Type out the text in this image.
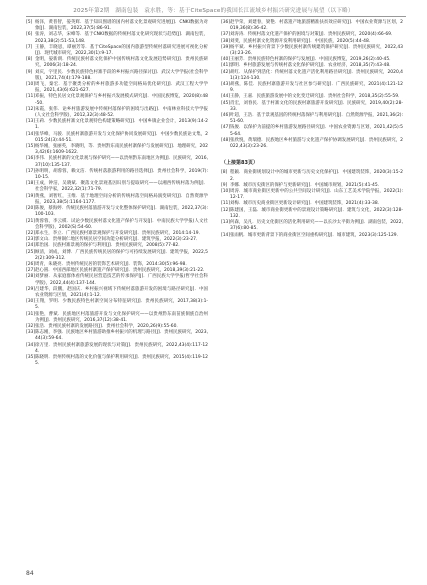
2025年第2期　湖南包装　袁水胜，等：基于CiteSpace的我国长江流域乡村振兴研究进展与展望（以下略）
[5] 杨泽，黄普智，晏英辉．基于知识图谱的国内村落文化景观研究进展[J]．CNKI数据为对象[J]．湖南包装，2022,37(5):86-91．
[6] 张涛，刘志华，宋峰等．基于CNKI数据的传统村落文化研究现状与趋势[J]．湖南包装，2023,38(2):51-53,148．
[7] 王静，丰晓思，谭丽芳等．基于CiteSpace的国内旅游型传统村落研究进展可视化分析[J]．现代城市研究，2022,30(1):9-17．
[8] 金明，晏新朗．传统民族村落文化保护中国传统村落文化发展趋势研究[J]．贵州民族研究，2006(3):18-24．
[9] 刘庆，字里民．少数民族特色村寨手段的乡村振兴路径探讨[J]．武汉大学学报(社会科学版)，2021,74(4):179-188．
[10] 周飞，秦宏．基于聚类分析的乡村旅游多功能空间格局优化研究[J]．武汉工程大学学报，2021,43(6):621-627．
[11] 邓振，特色民居文化景观保护与乡村振兴发展模式研究[J]．中国民族博览，2020(8):48-50．
[12] 朱霞，张伟．论乡村旅游发展中传统村落保护的困境与出路[J]．中南林业科技大学学报(人文社会科学版)，2012,32(3):48-52．
[13] 王莉．少数民族村寨文化景观特色构建策略研究[J]．中国乡镇企业会计，2013(9):14-21．
[14] 张华峰，马骏．民族村寨旅游开发与文化保护协同发展研究[J]．中国少数民族论文集，2015:24(3):44-51．
[15] 杨华刚，张丽英，李晓明，等．贵州黔东南民族村寨保护与发展研究[J]．地理研究，2023,42(6):1609-1622．
[16] 李伟．民族村寨的文化景观与保护研究——以贵州黔东南地区为例[J]．民族研究，2016,37(10):135-137．
[17] 孙明明，胡蓉蓉，赖文洁．传统村落旅游利用的路径选择[J]．贵州社会科学，2019(7):10-15．
[18] 王成，钟洁，吴晓斌．聚落文化景观基因识别与提取研究——以湘西传统村落为例[J]．社会科学家，2022,32(1):71-79．
[19] 黄燕，刘智红，王维．基于地理空间分析的传统村落空间格局演变研究[J]．自然资源学报，2023,38(5):1164-1177．
[20] 陈俊，蔡海婷．传统民族村落旅游开发与文化整体保护研究[J]．湖南包装，2022,37(3):100-103．
[21] 黄蓉蓉，李云棋．试论少数民族村落文化遗产保护与开发[J]．中南民族大学学报(人文社会科学版)，2002(S):54-60．
[22] 郑永生，李立．广西民族村寨景观保护与开发研究[J]．贵州民族研究，2014:14-19．
[23] 郭文山．贵州铜仁地区传统民居空间功能分析研究[J]．建筑学报，2022(3):23-27．
[24] 郑治国．民族村寨景观的保护与利用[J]．贵州民族研究，2008(5):77-82．
[25] 顾清，刘成，刘博．广西民族传统民居的保护与可持续发展研究[J]．建筑学报，2022,52(2):309-312．
[26] 周青，朱晓亮．贵州传统民居的装饰艺术研究[J]．装饰，2014:30(5):96-98．
[27] 赵心圆．中国西部地区民族村寨遗产保护研究[J]．贵州民族研究，2018,39(3):21-22．
[28] 刘梦丽．从家庭群体看传统民居营造技艺的传承保护[J]．广西民族大学学报(哲学社会科学版)，2022,44(4):137-144．
[29] 吕建华，段鹏，赵国庆．乡村振兴视域下传统村落旅游开发的困境与路径研究[J]．中国农业资源与区划，2021(4):1-12．
[30] 王翔，罗明．少数民族特色村寨空间分布特征研究[J]．贵州民族研究，2017,38(3):1-5．
[31] 张艳，曹斌．民族地区村落旅游开发与文化保护研究——以贵州黔东南苗族侗族自治州为例[J]．贵州民族研究，2016,37(12):38-41．
[32] 张浩．贵州民族村寨的发展路径[J]．贵州社会科学，2020,26(9):55-60．
[33] 陈志刚，李强．民族地区乡村旅游助推乡村振兴的机理与路径[J]．贵州民族研究，2023,44(3):59-64．
[34] 徐万里．贵州民族村寨旅游发展的现状与对策[J]．贵州民族研究，2022,43(4):117-124．
[35] 陈晓明．贵州传统村落的文化价值与保护利用研究[J]．贵州民族研究，2015(4):119-125．
[36] 赵学荣，刘建春，梁艳．村落遗产地旅游精准扶贫效应研究[J]．中国农业资源与区划，2019,36(8):36-42．
[37] 刘涛涛．传统村落文化遗产保护的困境与对策[J]．贵州民族研究，2020(4):66-69．
[38] 刘斐，民族村寨文化资源开发利用研究[J]．中国民族，2020(5):44-48．
[39] 杨平斌．乡村振兴背景下少数民族村寨传统建筑保护研究[J]．贵州民族研究，2022,43(3):23-26．
[40] 王丽芳．贵州民族特色村寨的保护与发展[J]．中国民族博览，2019,26(2):40-45．
[41] 郭明．乡村旅游发展与传统村落文化保护研究[J]．农业经济，2018,35(7):43-48．
[42] 胡红．从保护到活化：传统村落文化遗产活化利用路径研究[J]．贵州民族研究，2020,41(3):124-130．
[43] 胡燕，陈佳．民族村寨旅游开发与社区参与研究[J]．广西民族研究，2021(4):121-129．
[44] 王静，王嘉．民族旅游发展中的文化变迁研究[J]．贵州社会科学，2018,35(2):55-59．
[45] 肖宏，刘春民．基于村寨文化的民族村寨旅游开发研究[J]．民族研究，2019,40(2):28-33．
[46] 叶超，王浩．基于景观基因的传统村落保护与利用研究[J]．自然资源学报，2021,36(2):51-60．
[47] 钱俊．以保护为前提的乡村旅游发展路径研究[J]．中国农业资源与区划，2021,42(5):55-64．
[48] 张欣悦，黄瑞德．民族地区乡村旅游与文化遗产保护协调发展研究[J]．贵州民族研究，2022,43(3):23-26．
（上接第83页）
[8] 程颖．商业街规划设计中的城市更新与历史文化保护[J]．中国建筑装饰，2020(3):15-22．
[9] 李娜．城市历史街区的保护与更新研究[J]．中国城市规划，2021(5):41-45．
[10] 周涛．城市商业街区更新中的公共空间设计研究[J]．山东工艺美术学院学报，2022(1):12-17．
[11] 刘梅．城市历史商业街区更新设计研究[J]．中国建筑装饰，2021(4):33-38．
[12] 陈建国，王磊．城市商业街更新中的景观设计策略研究[J]．建筑与文化，2022(3):128-132．
[13] 何森，吴凡．历史文化街区的活化利用研究——以长沙太平街为例[J]．湖南包装，2022,37(6):80-85．
[14] 张雨帆．城市更新背景下的商业街区空间重构研究[J]．城市建筑，2023(3):125-129．
84
